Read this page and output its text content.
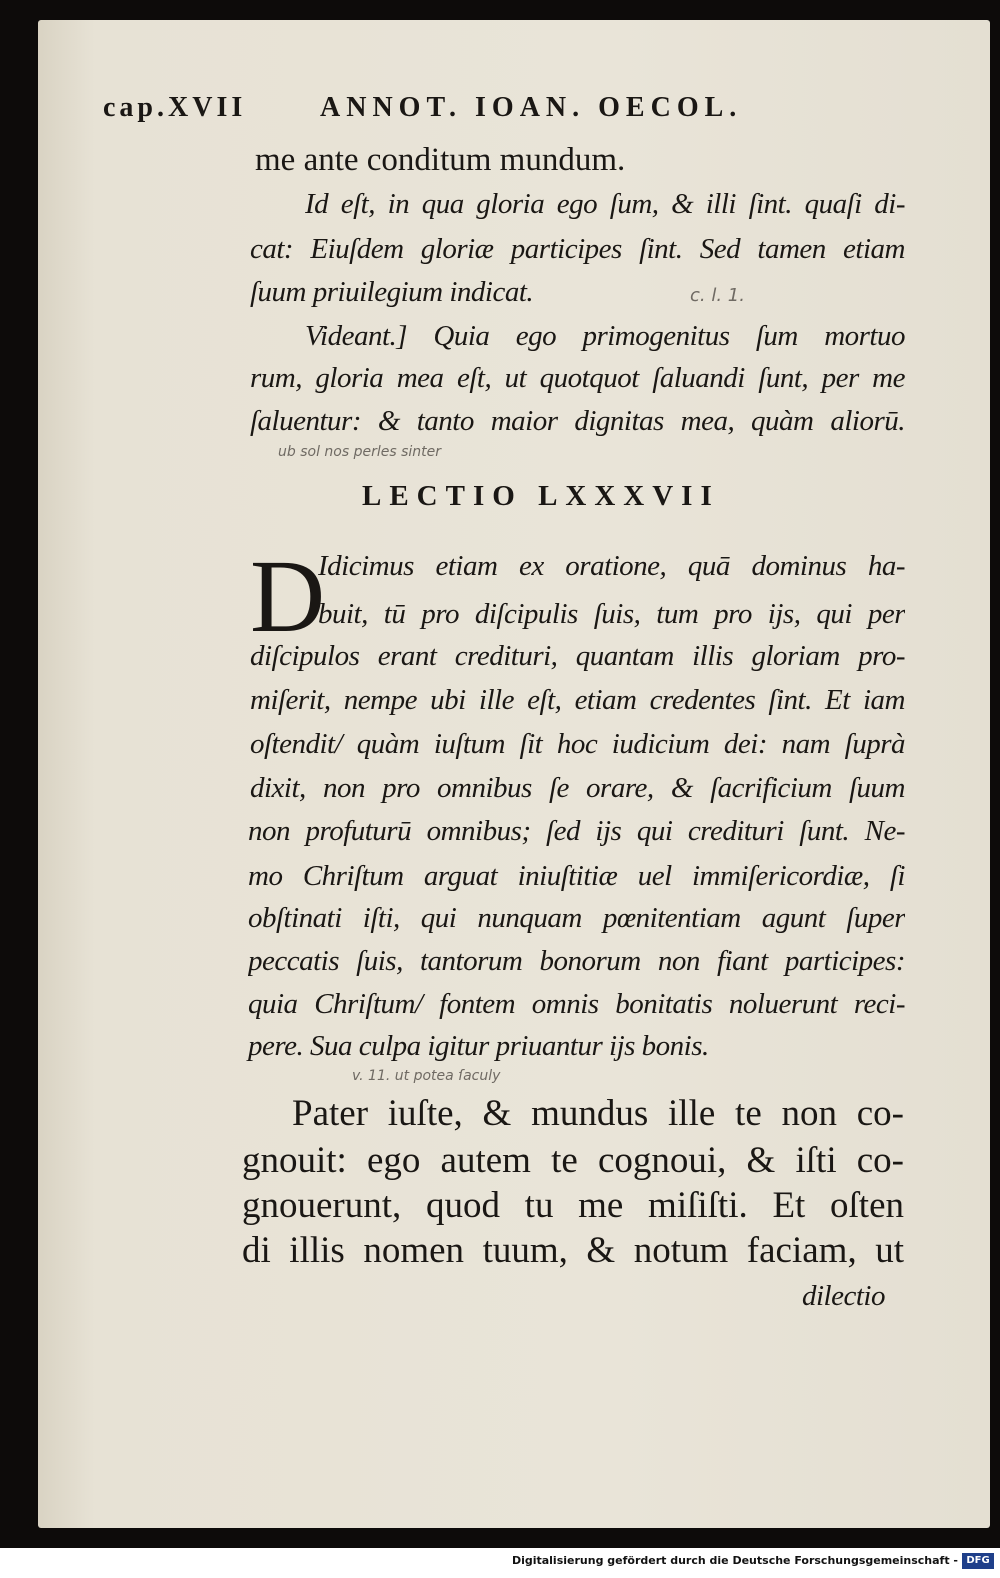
cap.XVII	ANNOT. IOAN. OECOL.
me ante conditum mundum.
Id eſt, in qua gloria ego ſum, & illi ſint. quaſi di-
cat: Eiuſdem gloriæ participes ſint. Sed tamen etiam
ſuum priuilegium indicat.	c. l. 1.
Videant.] Quia ego primogenitus ſum mortuo
rum, gloria mea eſt, ut quotquot ſaluandi ſunt, per me
ſaluentur: & tanto maior dignitas mea, quàm aliorū.
ub sol nos perles sinter
LECTIO LXXXVII
D
Idicimus etiam ex oratione, quā dominus ha-
buit, tū pro diſcipulis ſuis, tum pro ijs, qui per
diſcipulos erant credituri, quantam illis gloriam pro-
miſerit, nempe ubi ille eſt, etiam credentes ſint. Et iam
oſtendit/ quàm iuſtum ſit hoc iudicium dei: nam ſuprà
dixit, non pro omnibus ſe orare, & ſacrificium ſuum
non profuturū omnibus; ſed ijs qui credituri ſunt. Ne-
mo Chriſtum arguat iniuſtitiæ uel immiſericordiæ, ſi
obſtinati iſti, qui nunquam pœnitentiam agunt ſuper
peccatis ſuis, tantorum bonorum non fiant participes:
quia Chriſtum/ fontem omnis bonitatis noluerunt reci-
pere. Sua culpa igitur priuantur ijs bonis.
v. 11. ut potea ſaculy
Pater iuſte, & mundus ille te non co-
gnouit: ego autem te cognoui, & iſti co-
gnouerunt, quod tu me miſiſti. Et oſten
di illis nomen tuum, & notum faciam, ut
dilectio
Digitalisierung gefördert durch die Deutsche Forschungsgemeinschaft - DFG
